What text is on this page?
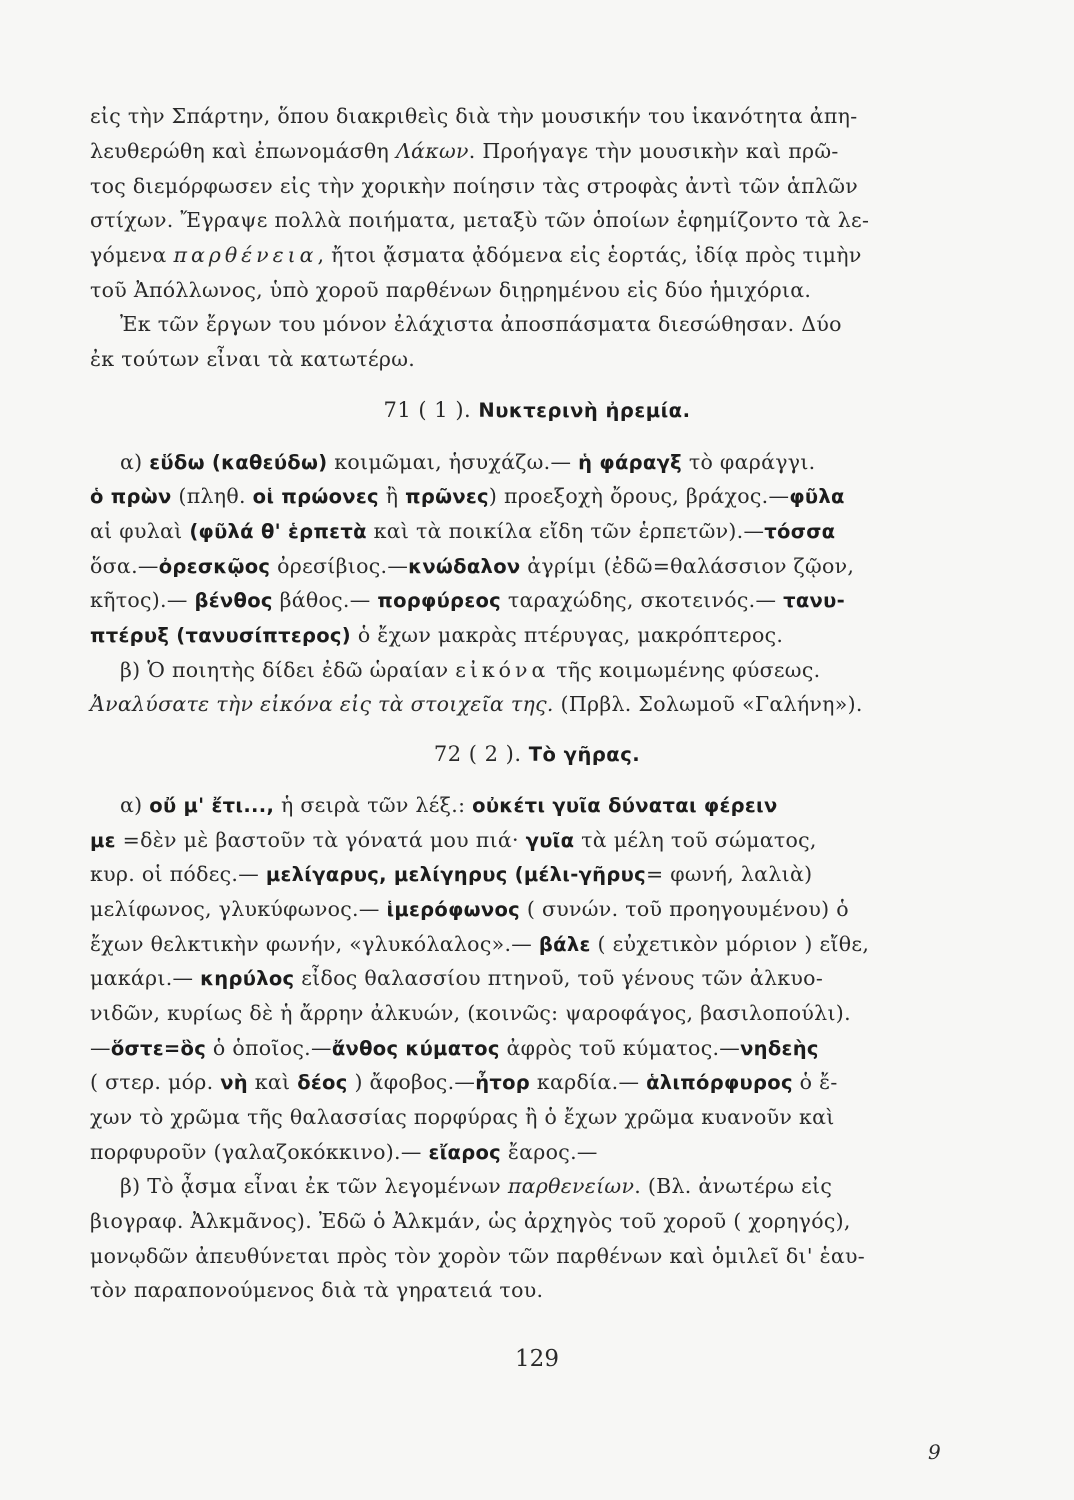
εἰς τὴν Σπάρτην, ὅπου διακριθεὶς διὰ τὴν μουσικήν του ἱκανότητα ἀπη-
λευθερώθη καὶ ἐπωνομάσθη Λάκων. Προήγαγε τὴν μουσικὴν καὶ πρῶ-
τος διεμόρφωσεν εἰς τὴν χορικὴν ποίησιν τὰς στροφὰς ἀντὶ τῶν ἁπλῶν
στίχων. Ἔγραψε πολλὰ ποιήματα, μεταξὺ τῶν ὁποίων ἐφημίζοντο τὰ λε-
γόμενα παρθένεια, ἤτοι ᾄσματα ᾀδόμενα εἰς ἑορτάς, ἰδίᾳ πρὸς τιμὴν
τοῦ Ἀπόλλωνος, ὑπὸ χοροῦ παρθένων διῃρημένου εἰς δύο ἡμιχόρια.
Ἐκ τῶν ἔργων του μόνον ἐλάχιστα ἀποσπάσματα διεσώθησαν. Δύο
ἐκ τούτων εἶναι τὰ κατωτέρω.
71 ( 1 ). Νυκτερινὴ ἠρεμία.
α) εὕδω (καθεύδω) κοιμῶμαι, ἡσυχάζω.— ἡ φάραγξ τὸ φαράγγι.
ὁ πρὼν (πληθ. οἱ πρώονες ἢ πρῶνες) προεξοχὴ ὄρους, βράχος.—φῦλα
αἱ φυλαὶ (φῦλά θ' ἑρπετὰ καὶ τὰ ποικίλα εἴδη τῶν ἑρπετῶν).—τόσσα
ὅσα.—ὀρεσκῷος ὀρεσίβιος.—κνώδαλον ἀγρίμι (ἐδῶ=θαλάσσιον ζῷον,
κῆτος).— βένθος βάθος.— πορφύρεος ταραχώδης, σκοτεινός.— τανυ-
πτέρυξ (τανυσίπτερος) ὁ ἔχων μακρὰς πτέρυγας, μακρόπτερος.
β) Ὁ ποιητὴς δίδει ἐδῶ ὡραίαν εἰκόνα τῆς κοιμωμένης φύσεως.
Ἀναλύσατε τὴν εἰκόνα εἰς τὰ στοιχεῖα της. (Πρβλ. Σολωμοῦ «Γαλήνη»).
72 ( 2 ). Τὸ γῆρας.
α) οὔ μ' ἔτι..., ἡ σειρὰ τῶν λέξ.: οὐκέτι γυῖα δύναται φέρειν
με =δὲν μὲ βαστοῦν τὰ γόνατά μου πιά· γυῖα τὰ μέλη τοῦ σώματος,
κυρ. οἱ πόδες.— μελίγαρυς, μελίγηρυς (μέλι-γῆρυς= φωνή, λαλιὰ)
μελίφωνος, γλυκύφωνος.— ἱμερόφωνος ( συνών. τοῦ προηγουμένου) ὁ
ἔχων θελκτικὴν φωνήν, «γλυκόλαλος».— βάλε ( εὐχετικὸν μόριον ) εἴθε,
μακάρι.— κηρύλος εἶδος θαλασσίου πτηνοῦ, τοῦ γένους τῶν ἀλκυο-
νιδῶν, κυρίως δὲ ἡ ἄρρην ἀλκυών, (κοινῶς: ψαροφάγος, βασιλοπούλι).
—ὅστε=ὃς ὁ ὁποῖος.—ἄνθος κύματος ἀφρὸς τοῦ κύματος.—νηδεὴς
( στερ. μόρ. νὴ καὶ δέος ) ἄφοβος.—ἦτορ καρδία.— ἁλιπόρφυρος ὁ ἔ-
χων τὸ χρῶμα τῆς θαλασσίας πορφύρας ἢ ὁ ἔχων χρῶμα κυανοῦν καὶ
πορφυροῦν (γαλαζοκόκκινο).— εἴαρος ἔαρος.—
β) Τὸ ᾆσμα εἶναι ἐκ τῶν λεγομένων παρθενείων. (Βλ. ἀνωτέρω εἰς
βιογραφ. Ἀλκμᾶνος). Ἐδῶ ὁ Ἀλκμάν, ὡς ἀρχηγὸς τοῦ χοροῦ ( χορηγός),
μονῳδῶν ἀπευθύνεται πρὸς τὸν χορὸν τῶν παρθένων καὶ ὁμιλεῖ δι' ἑαυ-
τὸν παραπονούμενος διὰ τὰ γηρατειά του.
129
9
